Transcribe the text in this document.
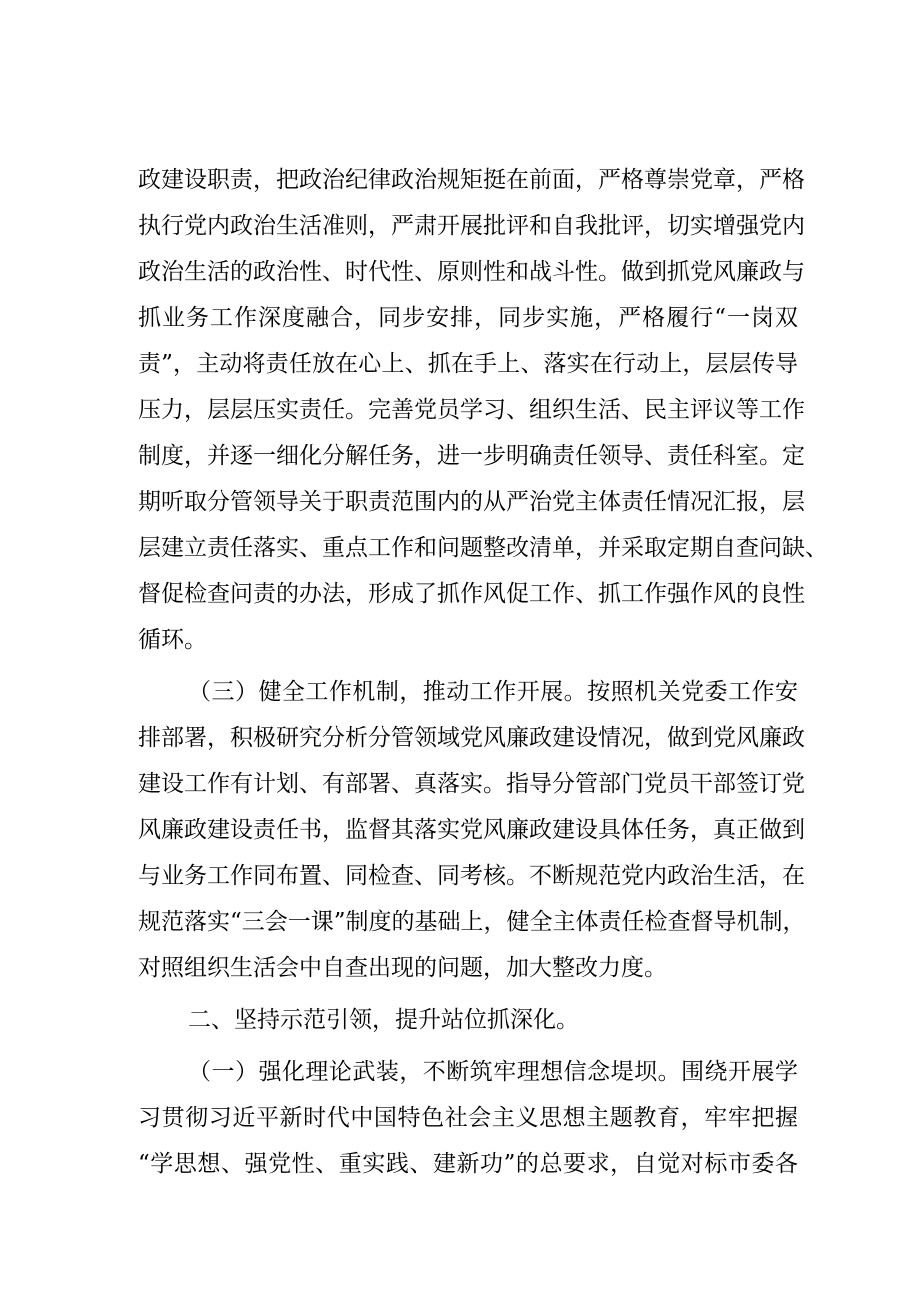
政建设职责，把政治纪律政治规矩挺在前面，严格尊崇党章，严格
执行党内政治生活准则，严肃开展批评和自我批评，切实增强党内
政治生活的政治性、时代性、原则性和战斗性。做到抓党风廉政与
抓业务工作深度融合，同步安排，同步实施，严格履行“一岗双
责”，主动将责任放在心上、抓在手上、落实在行动上，层层传导
压力，层层压实责任。完善党员学习、组织生活、民主评议等工作
制度，并逐一细化分解任务，进一步明确责任领导、责任科室。定
期听取分管领导关于职责范围内的从严治党主体责任情况汇报，层
层建立责任落实、重点工作和问题整改清单，并采取定期自查问缺、
督促检查问责的办法，形成了抓作风促工作、抓工作强作风的良性
循环。
（三）健全工作机制，推动工作开展。按照机关党委工作安
排部署，积极研究分析分管领域党风廉政建设情况，做到党风廉政
建设工作有计划、有部署、真落实。指导分管部门党员干部签订党
风廉政建设责任书，监督其落实党风廉政建设具体任务，真正做到
与业务工作同布置、同检查、同考核。不断规范党内政治生活，在
规范落实“三会一课”制度的基础上，健全主体责任检查督导机制，
对照组织生活会中自查出现的问题，加大整改力度。
二、坚持示范引领，提升站位抓深化。
（一）强化理论武装，不断筑牢理想信念堤坝。围绕开展学
习贯彻习近平新时代中国特色社会主义思想主题教育，牢牢把握
“学思想、强党性、重实践、建新功”的总要求，自觉对标市委各
